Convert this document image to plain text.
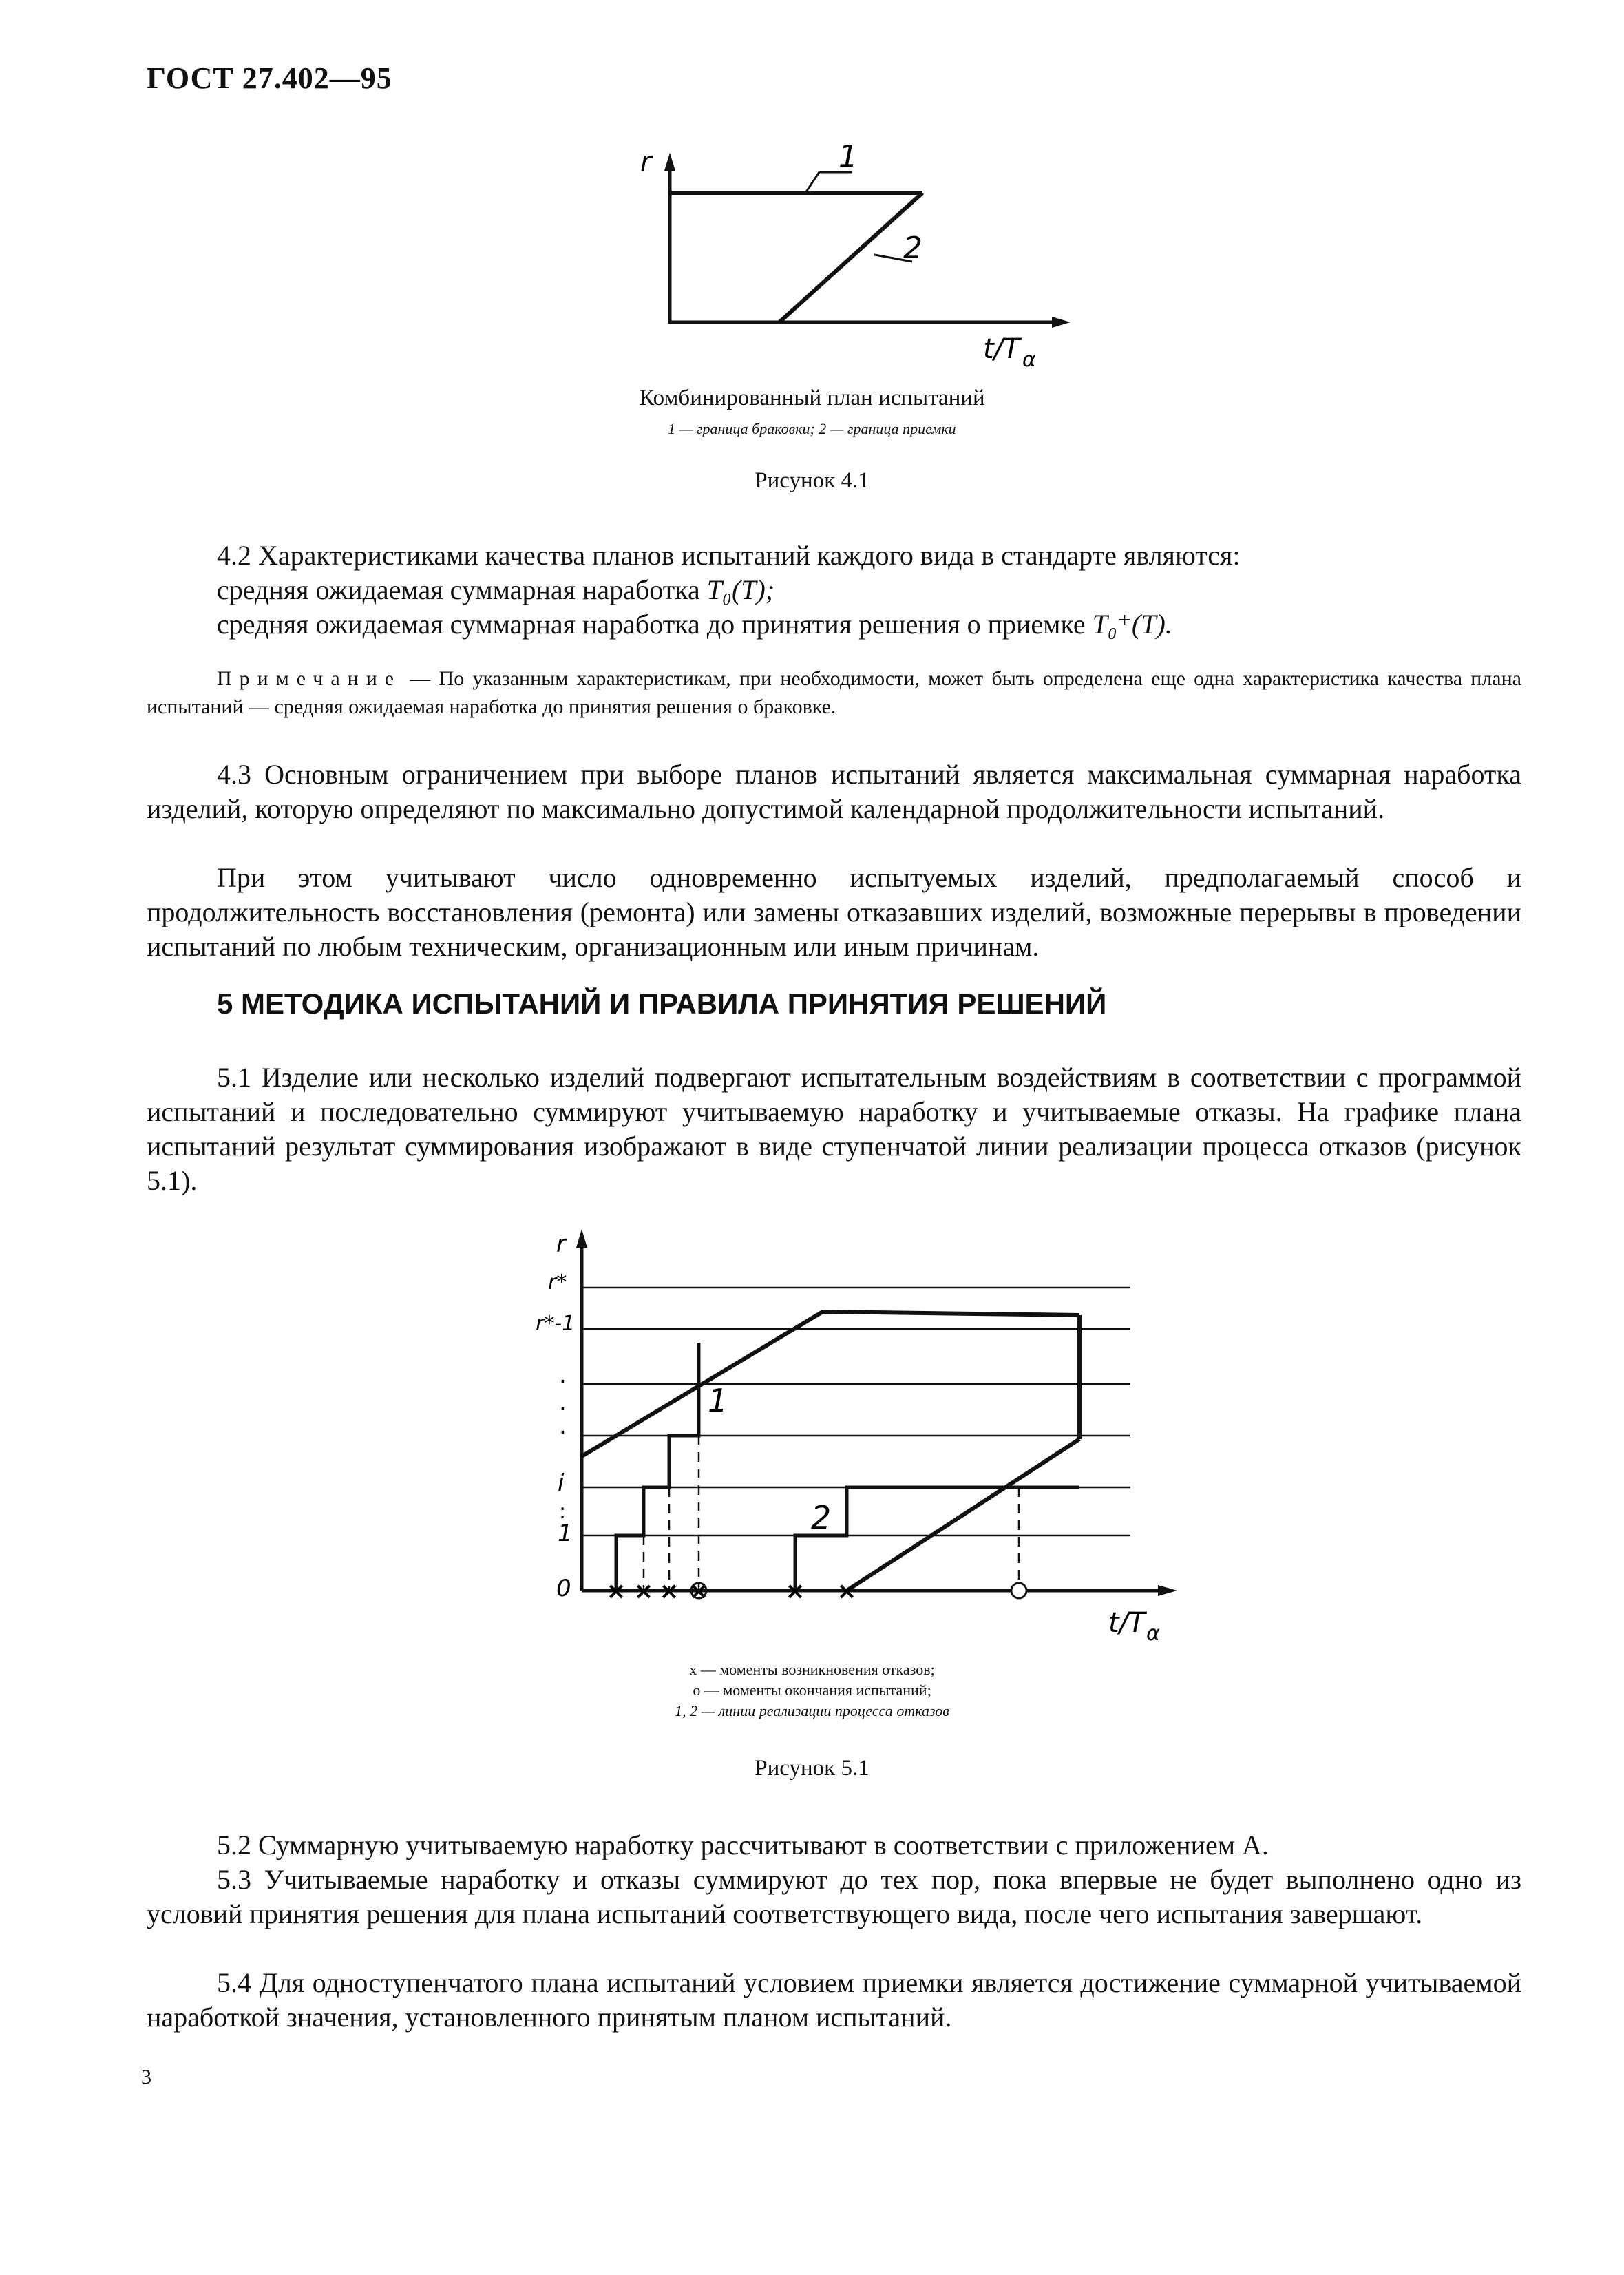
ГОСТ 27.402—95
r	1
2
t/T α
Комбинированный план испытаний
1 — граница браковки; 2 — граница приемки
Рисунок 4.1

4.2 Характеристиками качества планов испытаний каждого вида в стандарте являются:

средняя ожидаемая суммарная наработка T₀(T);

средняя ожидаемая суммарная наработка до принятия решения о приемке T₀⁺(T).

Примечание — По указанным характеристикам, при необходимости, может быть определена еще одна характеристика качества плана испытаний — средняя ожидаемая наработка до принятия решения о браковке.

4.3 Основным ограничением при выборе планов испытаний является максимальная суммарная наработка изделий, которую определяют по максимально допустимой календарной продолжительности испытаний.

При этом учитывают число одновременно испытуемых изделий, предполагаемый способ и продолжительность восстановления (ремонта) или замены отказавших изделий, возможные перерывы в проведении испытаний по любым техническим, организационным или иным причинам.

5 МЕТОДИКА ИСПЫТАНИЙ И ПРАВИЛА ПРИНЯТИЯ РЕШЕНИЙ

5.1 Изделие или несколько изделий подвергают испытательным воздействиям в соответствии с программой испытаний и последовательно суммируют учитываемую наработку и учитываемые отказы. На графике плана испытаний результат суммирования изображают в виде ступенчатой линии реализации процесса отказов (рисунок 5.1).

× × × ×	× ×
r
r*
r*-1
.
.
.
i
:
1
0
1
2
t/T α
x — моменты возникновения отказов;
о — моменты окончания испытаний;
1, 2 — линии реализации процесса отказов
Рисунок 5.1

5.2 Суммарную учитываемую наработку рассчитывают в соответствии с приложением А.

5.3 Учитываемые наработку и отказы суммируют до тех пор, пока впервые не будет выполнено одно из условий принятия решения для плана испытаний соответствующего вида, после чего испытания завершают.

5.4 Для одноступенчатого плана испытаний условием приемки является достижение суммарной учитываемой наработкой значения, установленного принятым планом испытаний.

3
